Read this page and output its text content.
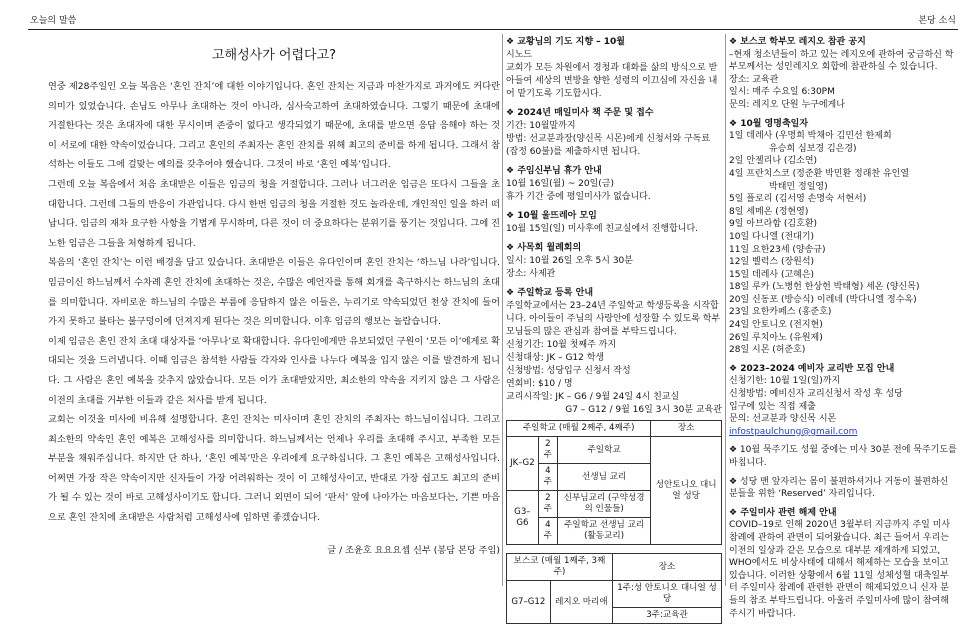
오늘의 말씀	본당 소식
고해성사가 어렵다고?

연중 제28주일인 오늘 복음은 ‘혼인 잔치’에 대한 이야기입니다. 혼인 잔치는 지금과 마찬가지로 과거에도 커다란 의미가 있었습니다. 손님도 아무나 초대하는 것이 아니라, 심사숙고하여 초대하였습니다. 그렇기 때문에 초대에 거절한다는 것은 초대자에 대한 무시이며 존중이 없다고 생각되었기 때문에, 초대를 받으면 응답 응해야 하는 것이 서로에 대한 약속이었습니다. 그리고 혼인의 주최자는 혼인 잔치를 위해 최고의 준비를 하게 됩니다. 그래서 참석하는 이들도 그에 걸맞는 예의를 갖추어야 했습니다. 그것이 바로 ‘혼인 예복’입니다.

그런데 오늘 복음에서 처음 초대받은 이들은 임금의 청을 거절합니다. 그러나 너그러운 임금은 또다시 그들을 초대합니다. 그런데 그들의 반응이 가관입니다. 다시 한번 임금의 청을 거절한 것도 놀라운데, 개인적인 일을 하러 떠납니다. 임금의 재차 요구한 사항을 기볍게 무시하며, 다른 것이 더 중요하다는 분위기를 풍기는 것입니다. 그에 진노한 임금은 그들을 처형하게 됩니다.

복음의 ‘혼인 잔치’는 이런 배경을 담고 있습니다. 초대받은 이들은 유다인이며 혼인 잔치는 ‘하느님 나라’입니다. 임금이신 하느님께서 수차례 혼인 잔치에 초대하는 것은, 수많은 예언자를 통해 회개를 촉구하시는 하느님의 초대를 의미합니다. 자비로운 하느님의 수많은 부름에 응답하지 않은 이들은, 누리기로 약속되었던 천상 잔치에 들어가지 못하고 불타는 불구덩이에 던져지게 된다는 것은 의미합니다. 이후 임금의 행보는 놀랍습니다.

이제 임금은 혼인 잔치 초대 대상자를 ‘아무나’로 확대합니다. 유다인에게만 유보되었던 구원이 ‘모든 이’에게로 확대되는 것을 드러냅니다. 이때 임금은 참석한 사람들 각자와 인사를 나누다 예복을 입지 않은 이를 발견하게 됩니다. 그 사람은 혼인 예복을 갖추지 않았습니다. 모든 이가 초대받았지만, 최소한의 약속을 지키지 않은 그 사람은 이전의 초대를 거부한 이들과 같은 처사를 받게 됩니다.

교회는 이것을 미사에 비유해 설명합니다. 혼인 잔치는 미사이며 혼인 잔치의 주최자는 하느님이십니다. 그리고 최소한의 약속인 혼인 예복은 고해성사를 의미합니다. 하느님께서는 언제나 우리를 초대해 주시고, 부족한 모든 부분을 채워주십니다. 하지만 단 하나, ‘혼인 예복’만은 우리에게 요구하십니다. 그 혼인 예복은 고해성사입니다. 어쩌면 가장 작은 약속이지만 신자들이 가장 어려워하는 것이 이 고해성사이고, 반대로 가장 쉽고도 최고의 준비가 될 수 있는 것이 바로 고해성사이기도 합니다. 그러니 외면이 되어 ‘판서’ 앞에 나아가는 마음보다는, 기쁜 마음으로 혼인 잔치에 초대받은 사람처럼 고해성사에 임하면 좋겠습니다.

글 / 조윤호 요요요셉 신부 (봉담 본당 주임)
❖ 교황님의 기도 지향 – 10월
시노드
교회가 모든 차원에서 경청과 대화를 삶의 방식으로 받아들여 세상의 변방을 향한 성령의 이끄심에 자신을 내어 맡기도록 기도합시다.
❖ 2024년 매일미사 책 주문 및 접수
기간: 10월말까지
방법: 선교분과장(양신목 시몬)에게 신청서와 구독료(잡정 60불)를 제출하시면 됩니다.
❖ 주임신부님 휴가 안내
10월 16일(월) ~ 20일(금)
휴가 기간 중에 평일미사가 없습니다.
❖ 10월 울뜨레아 모임
10월 15일(일) 미사후에 친교실에서 진행합니다.
❖ 사목회 월례회의
일시: 10월 26일 오후 5시 30분
장소: 사제관
❖ 주일학교 등록 안내
주일학교에서는 23–24년 주일학교 학생등록을 시작합니다. 아이들이 주님의 사랑안에 성장할 수 있도록 학부모님들의 많은 관심과 참여를 부탁드립니다.
신청기간: 10월 첫째주 까지
신청대상: JK – G12 학생
신청방법: 성당입구 신청서 작성
연회비: $10 / 명
교리시작일: JK – G6 / 9월 24일 4시 친교실
G7 – G12 / 9월 16일 3시 30분 교육관
주일학교 (매월 2째주, 4째주)			장소
JK–G2	2주	주일학교	성안토니오 대니얼 성당
	4주	선생님 교리	
G3–G6	2주	신부님교리 (구약성경의 인물들)	
	4주	주일학교 선생님 교리(활동교리)	
보스코 (매월 1째주, 3째주)		장소
G7–G12	레지오 마리애	1주:성 안토니오 대니얼 성당
		3주:교육관
❖ 보스코 학부모 레지오 참관 공지
–현재 청소년들이 하고 있는 레지오에 관하여 궁금하신 학부모께서는 성인레지오 회합에 참관하실 수 있습니다.
장소: 교육관
일시: 매주 수요일 6:30PM
문의: 레지오 단원 누구에게나
❖ 10월 영명축일자
1일 데레사 (우명희 박채아 김민선 한제희
유승희 심보경 김은경)
2일 안젤리나 (김소연)
4일 프란치스코 (정준환 박민환 정래찬 유인열
박태민 정일영)
5일 플로리 (김서영 손명숙 서현서)
8일 세메온 (정현영)
9일 아브라함 (김호환)
10일 다니엘 (전대기)
11일 요한23세 (양송규)
12일 벨럭스 (장원석)
15일 데레사 (고혜은)
18일 루카 (노병헌 한상헌 박태형) 세온 (양신목)
20일 신동포 (방승식) 이레네 (박다니엘 정수옥)
23일 요한카페스 (홍준호)
24일 안토니오 (전지현)
26일 루치아노 (유원제)
28일 시몬 (허준호)
❖ 2023–2024 예비자 교리반 모집 안내
신청기한: 10월 1일(일)까지
신청방법: 예비신자 교리신청서 작성 후 성당
입구에 있는 직접 제출
문의: 선교분과 양신목 시몬
infostpaulchung@gmail.com
❖ 10월 묵주기도 성월 중에는 미사 30분 전에 묵주기도를 바칩니다.
❖ 성당 맨 앞자리는 몸이 불편하셔거나 거동이 불편하신 분들을 위한 ‘Reserved’ 자리입니다.
❖ 주일미사 관련 해제 안내
COVID–19로 인해 2020년 3월부터 지금까지 주일 미사 참례에 관하여 관면이 되어왔습니다. 최근 들어서 우리는 이전의 일상과 같은 모습으로 대부분 재개하게 되었고, WHO에서도 비상사태에 대해서 해제하는 모습을 보이고 있습니다. 이러한 상황에서 6월 11일 성체성혈 대축일부터 주일미사 참례에 관련한 관면이 해제되었으니 신자 분들의 참조 부탁드립니다. 아울러 주일미사에 많이 참여해 주시기 바랍니다.
